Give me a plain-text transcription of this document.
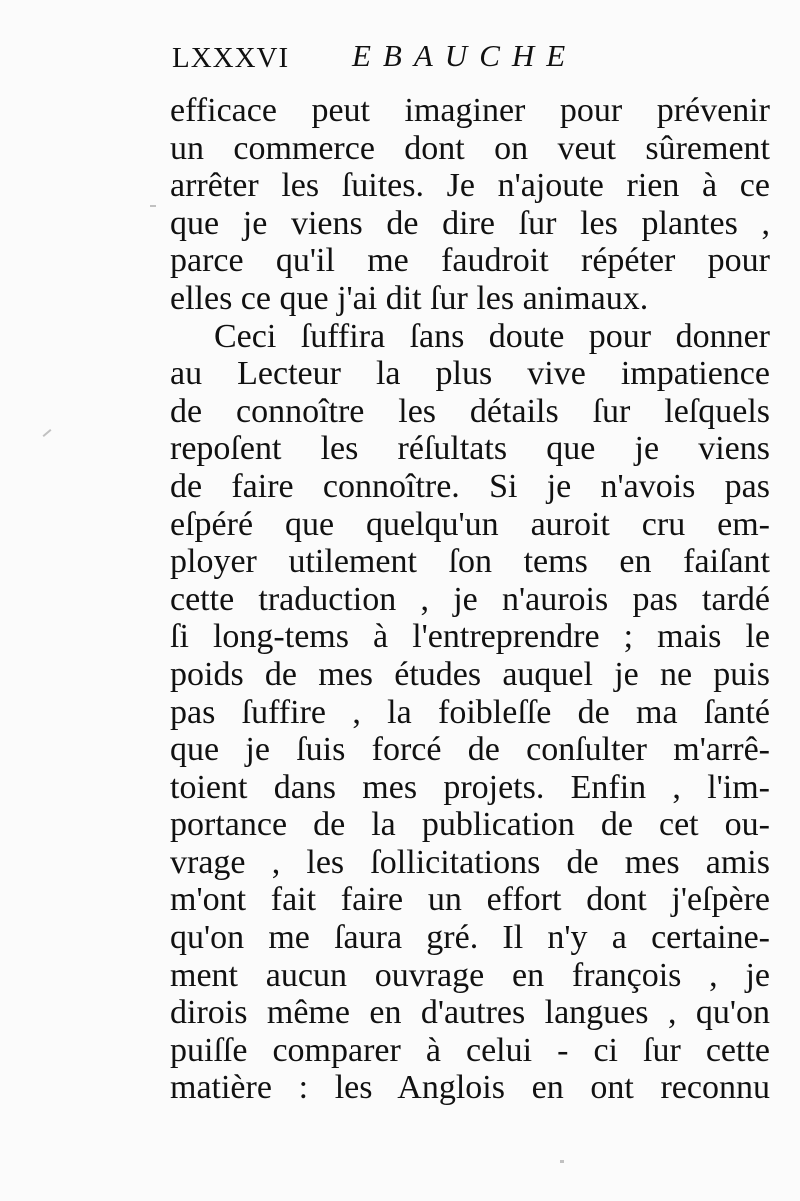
LXXXVI EBAUCHE
efficace peut imaginer pour prévenir
un commerce dont on veut sûrement
arrêter les ſuites. Je n'ajoute rien à ce
que je viens de dire ſur les plantes ,
parce qu'il me faudroit répéter pour
elles ce que j'ai dit ſur les animaux.
Ceci ſuffira ſans doute pour donner
au Lecteur la plus vive impatience
de connoître les détails ſur leſquels
repoſent les réſultats que je viens
de faire connoître. Si je n'avois pas
eſpéré que quelqu'un auroit cru em-
ployer utilement ſon tems en faiſant
cette traduction , je n'aurois pas tardé
ſi long-tems à l'entreprendre ; mais le
poids de mes études auquel je ne puis
pas ſuffire , la foibleſſe de ma ſanté
que je ſuis forcé de conſulter m'arrê-
toient dans mes projets. Enfin , l'im-
portance de la publication de cet ou-
vrage , les ſollicitations de mes amis
m'ont fait faire un effort dont j'eſpère
qu'on me ſaura gré. Il n'y a certaine-
ment aucun ouvrage en françois , je
dirois même en d'autres langues , qu'on
puiſſe comparer à celui - ci ſur cette
matière : les Anglois en ont reconnu
